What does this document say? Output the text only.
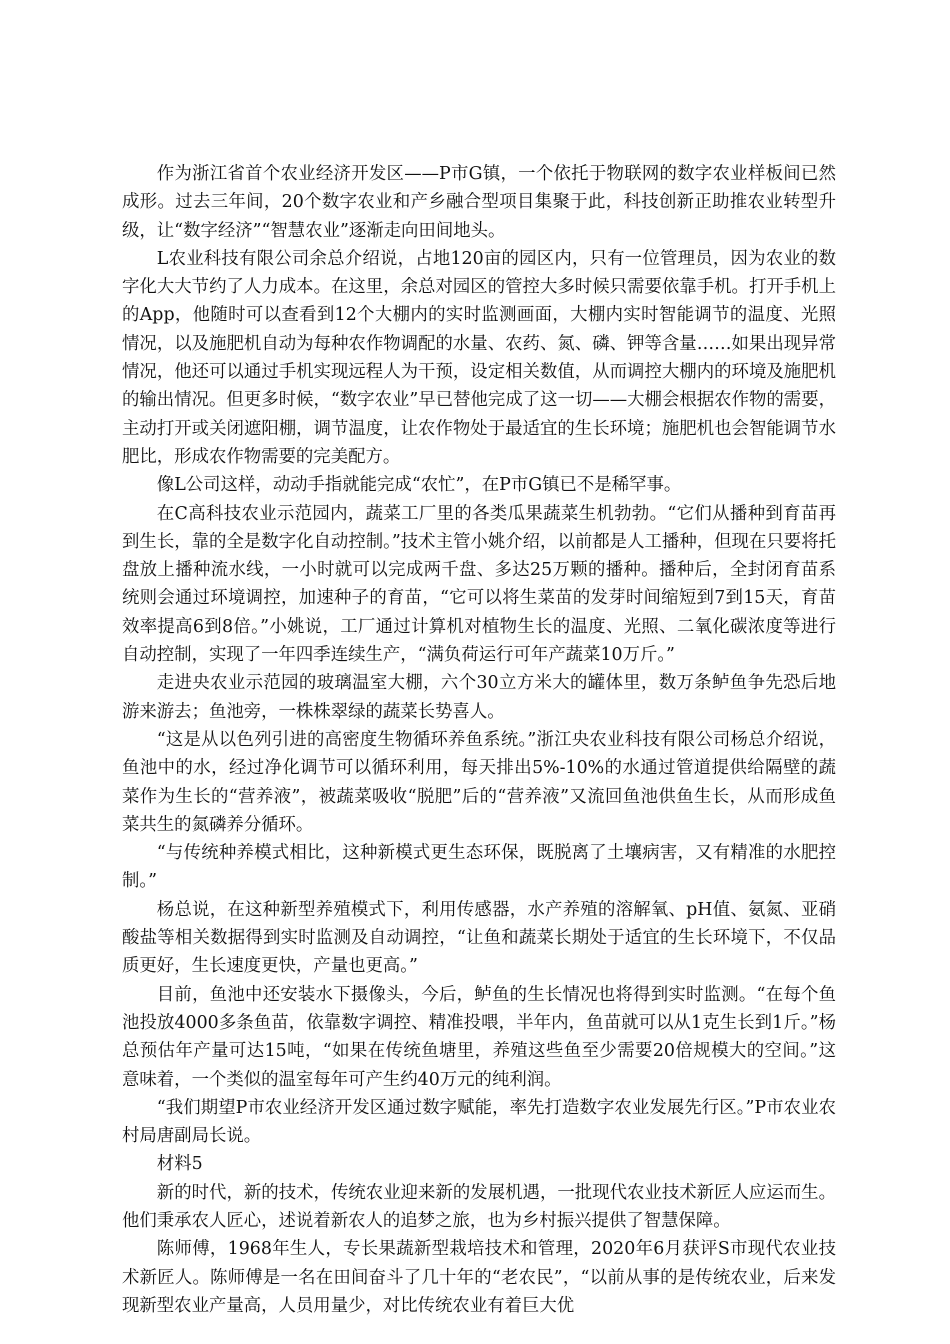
作为浙江省首个农业经济开发区——P市G镇，一个依托于物联网的数字农业样板间已然成形。过去三年间，20个数字农业和产乡融合型项目集聚于此，科技创新正助推农业转型升级，让“数字经济”“智慧农业”逐渐走向田间地头。

L农业科技有限公司余总介绍说，占地120亩的园区内，只有一位管理员，因为农业的数字化大大节约了人力成本。在这里，余总对园区的管控大多时候只需要依靠手机。打开手机上的App，他随时可以查看到12个大棚内的实时监测画面，大棚内实时智能调节的温度、光照情况，以及施肥机自动为每种农作物调配的水量、农药、氮、磷、钾等含量……如果出现异常情况，他还可以通过手机实现远程人为干预，设定相关数值，从而调控大棚内的环境及施肥机的输出情况。但更多时候，“数字农业”早已替他完成了这一切——大棚会根据农作物的需要，主动打开或关闭遮阳棚，调节温度，让农作物处于最适宜的生长环境；施肥机也会智能调节水肥比，形成农作物需要的完美配方。

像L公司这样，动动手指就能完成“农忙”，在P市G镇已不是稀罕事。

在C高科技农业示范园内，蔬菜工厂里的各类瓜果蔬菜生机勃勃。“它们从播种到育苗再到生长，靠的全是数字化自动控制。”技术主管小姚介绍，以前都是人工播种，但现在只要将托盘放上播种流水线，一小时就可以完成两千盘、多达25万颗的播种。播种后，全封闭育苗系统则会通过环境调控，加速种子的育苗，“它可以将生菜苗的发芽时间缩短到7到15天，育苗效率提高6到8倍。”小姚说，工厂通过计算机对植物生长的温度、光照、二氧化碳浓度等进行自动控制，实现了一年四季连续生产，“满负荷运行可年产蔬菜10万斤。”

走进央农业示范园的玻璃温室大棚，六个30立方米大的罐体里，数万条鲈鱼争先恐后地游来游去；鱼池旁，一株株翠绿的蔬菜长势喜人。

“这是从以色列引进的高密度生物循环养鱼系统。”浙江央农业科技有限公司杨总介绍说，鱼池中的水，经过净化调节可以循环利用，每天排出5%-10%的水通过管道提供给隔壁的蔬菜作为生长的“营养液”，被蔬菜吸收“脱肥”后的“营养液”又流回鱼池供鱼生长，从而形成鱼菜共生的氮磷养分循环。

“与传统种养模式相比，这种新模式更生态环保，既脱离了土壤病害，又有精准的水肥控制。”

杨总说，在这种新型养殖模式下，利用传感器，水产养殖的溶解氧、pH值、氨氮、亚硝酸盐等相关数据得到实时监测及自动调控，“让鱼和蔬菜长期处于适宜的生长环境下，不仅品质更好，生长速度更快，产量也更高。”

目前，鱼池中还安装水下摄像头，今后，鲈鱼的生长情况也将得到实时监测。“在每个鱼池投放4000多条鱼苗，依靠数字调控、精准投喂，半年内，鱼苗就可以从1克生长到1斤。”杨总预估年产量可达15吨，“如果在传统鱼塘里，养殖这些鱼至少需要20倍规模大的空间。”这意味着，一个类似的温室每年可产生约40万元的纯利润。

“我们期望P市农业经济开发区通过数字赋能，率先打造数字农业发展先行区。”P市农业农村局唐副局长说。

材料5

新的时代，新的技术，传统农业迎来新的发展机遇，一批现代农业技术新匠人应运而生。他们秉承农人匠心，述说着新农人的追梦之旅，也为乡村振兴提供了智慧保障。

陈师傅，1968年生人，专长果蔬新型栽培技术和管理，2020年6月获评S市现代农业技术新匠人。陈师傅是一名在田间奋斗了几十年的“老农民”，“以前从事的是传统农业，后来发现新型农业产量高，人员用量少，对比传统农业有着巨大优
